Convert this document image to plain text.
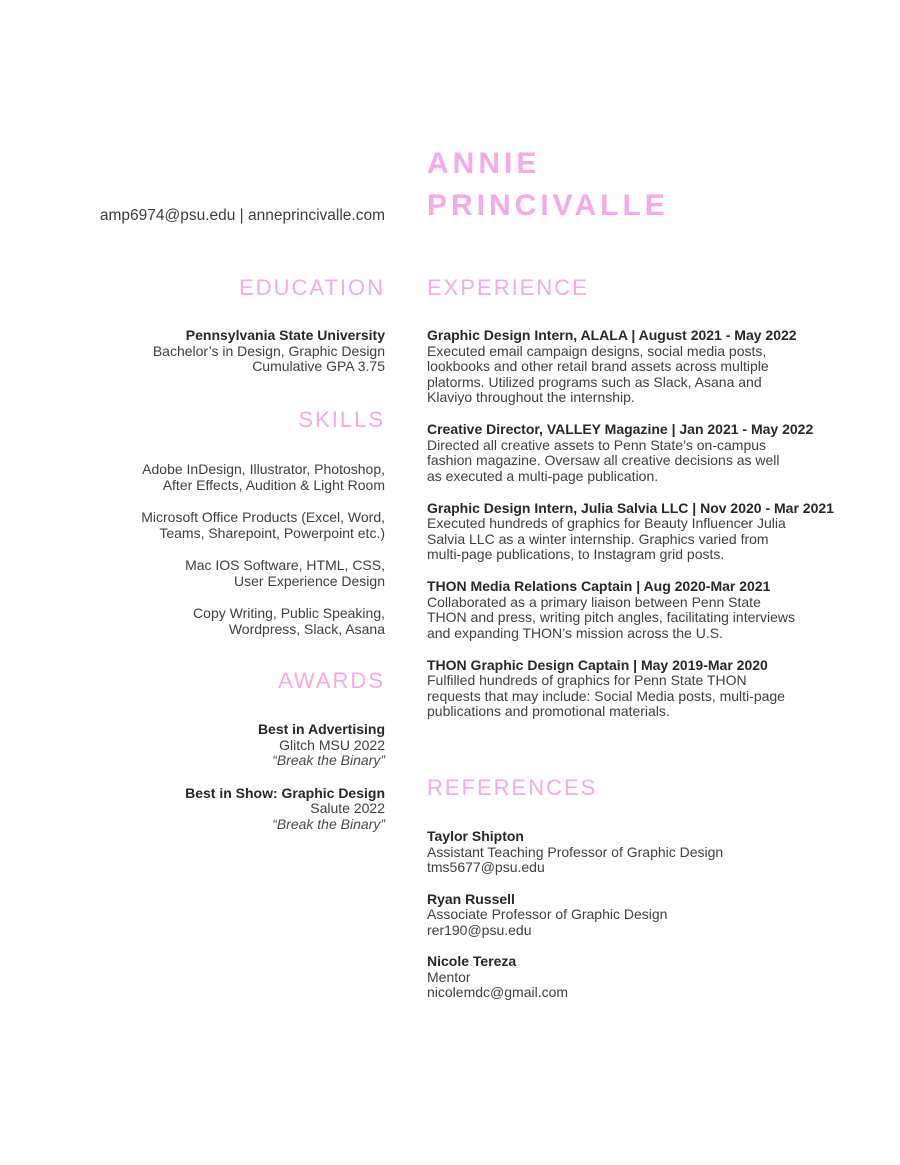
ANNIE
PRINCIVALLE
amp6974@psu.edu | anneprincivalle.com
EDUCATION
Pennsylvania State University
Bachelor’s in Design, Graphic Design
Cumulative GPA 3.75
SKILLS
Adobe InDesign, Illustrator, Photoshop,
After Effects, Audition & Light Room
Microsoft Office Products (Excel, Word,
Teams, Sharepoint, Powerpoint etc.)
Mac IOS Software, HTML, CSS,
User Experience Design
Copy Writing, Public Speaking,
Wordpress, Slack, Asana
AWARDS
Best in Advertising
Glitch MSU 2022
“Break the Binary”
Best in Show: Graphic Design
Salute 2022
“Break the Binary”
EXPERIENCE
Graphic Design Intern, ALALA | August 2021 - May 2022
Executed email campaign designs, social media posts,
lookbooks and other retail brand assets across multiple
platorms. Utilized programs such as Slack, Asana and
Klaviyo throughout the internship.
Creative Director, VALLEY Magazine | Jan 2021 - May 2022
Directed all creative assets to Penn State’s on-campus
fashion magazine. Oversaw all creative decisions as well
as executed a multi-page publication.
Graphic Design Intern, Julia Salvia LLC | Nov 2020 - Mar 2021
Executed hundreds of graphics for Beauty Influencer Julia
Salvia LLC as a winter internship. Graphics varied from
multi-page publications, to Instagram grid posts.
THON Media Relations Captain | Aug 2020-Mar 2021
Collaborated as a primary liaison between Penn State
THON and press, writing pitch angles, facilitating interviews
and expanding THON’s mission across the U.S.
THON Graphic Design Captain | May 2019-Mar 2020
Fulfilled hundreds of graphics for Penn State THON
requests that may include: Social Media posts, multi-page
publications and promotional materials.
REFERENCES
Taylor Shipton
Assistant Teaching Professor of Graphic Design
tms5677@psu.edu
Ryan Russell
Associate Professor of Graphic Design
rer190@psu.edu
Nicole Tereza
Mentor
nicolemdc@gmail.com
